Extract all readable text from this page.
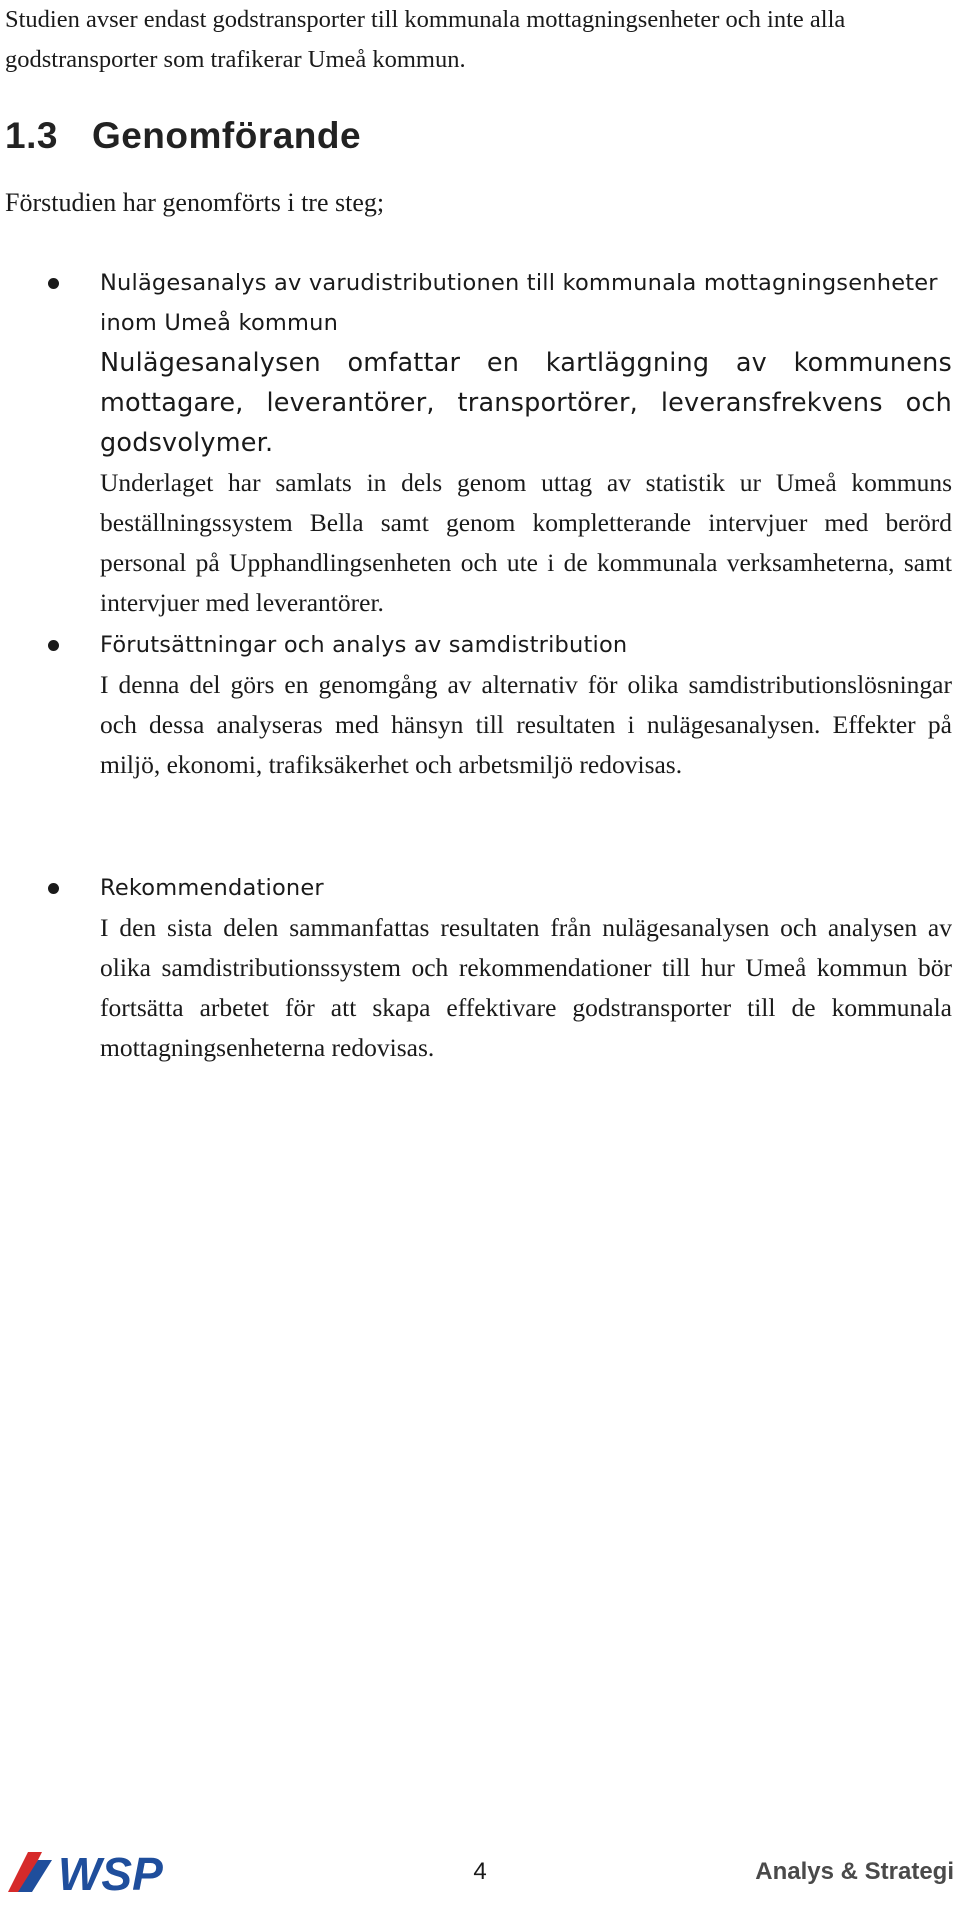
Studien avser endast godstransporter till kommunala mottagningsenheter och inte alla godstransporter som trafikerar Umeå kommun.
1.3 Genomförande

Förstudien har genomförts i tre steg;

Nulägesanalys av varudistributionen till kommunala mottagningsenheter inom Umeå kommun
Nulägesanalysen omfattar en kartläggning av kommunens mottagare, leverantörer, transportörer, leveransfrekvens och godsvolymer.
Underlaget har samlats in dels genom uttag av statistik ur Umeå kommuns beställningssystem Bella samt genom kompletterande intervjuer med berörd personal på Upphandlingsenheten och ute i de kommunala verksamheterna, samt intervjuer med leverantörer.
Förutsättningar och analys av samdistribution
I denna del görs en genomgång av alternativ för olika samdistributionslösningar och dessa analyseras med hänsyn till resultaten i nulägesanalysen. Effekter på miljö, ekonomi, trafiksäkerhet och arbetsmiljö redovisas.
Rekommendationer
I den sista delen sammanfattas resultaten från nulägesanalysen och analysen av olika samdistributionssystem och rekommendationer till hur Umeå kommun bör fortsätta arbetet för att skapa effektivare godstransporter till de kommunala mottagningsenheterna redovisas.
WSP	4	Analys & Strategi
